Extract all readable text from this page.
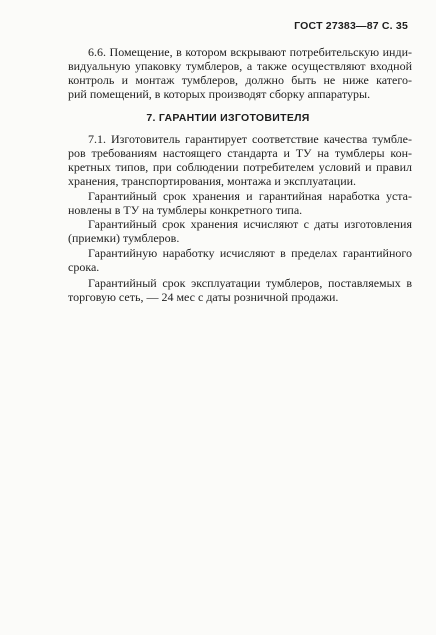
ГОСТ 27383—87 С. 35
6.6. Помещение, в котором вскрывают потребительскую инди-
видуальную упаковку тумблеров, а также осуществляют входной
контроль и монтаж тумблеров, должно быть не ниже катего-
рий помещений, в которых производят сборку аппаратуры.
7. ГАРАНТИИ ИЗГОТОВИТЕЛЯ
7.1. Изготовитель гарантирует соответствие качества тумбле-
ров требованиям настоящего стандарта и ТУ на тумблеры кон-
кретных типов, при соблюдении потребителем условий и правил
хранения, транспортирования, монтажа и эксплуатации.
Гарантийный срок хранения и гарантийная наработка уста-
новлены в ТУ на тумблеры конкретного типа.
Гарантийный срок хранения исчисляют с даты изготовления
(приемки) тумблеров.
Гарантийную наработку исчисляют в пределах гарантийного
срока.
Гарантийный срок эксплуатации тумблеров, поставляемых в
торговую сеть, — 24 мес с даты розничной продажи.
